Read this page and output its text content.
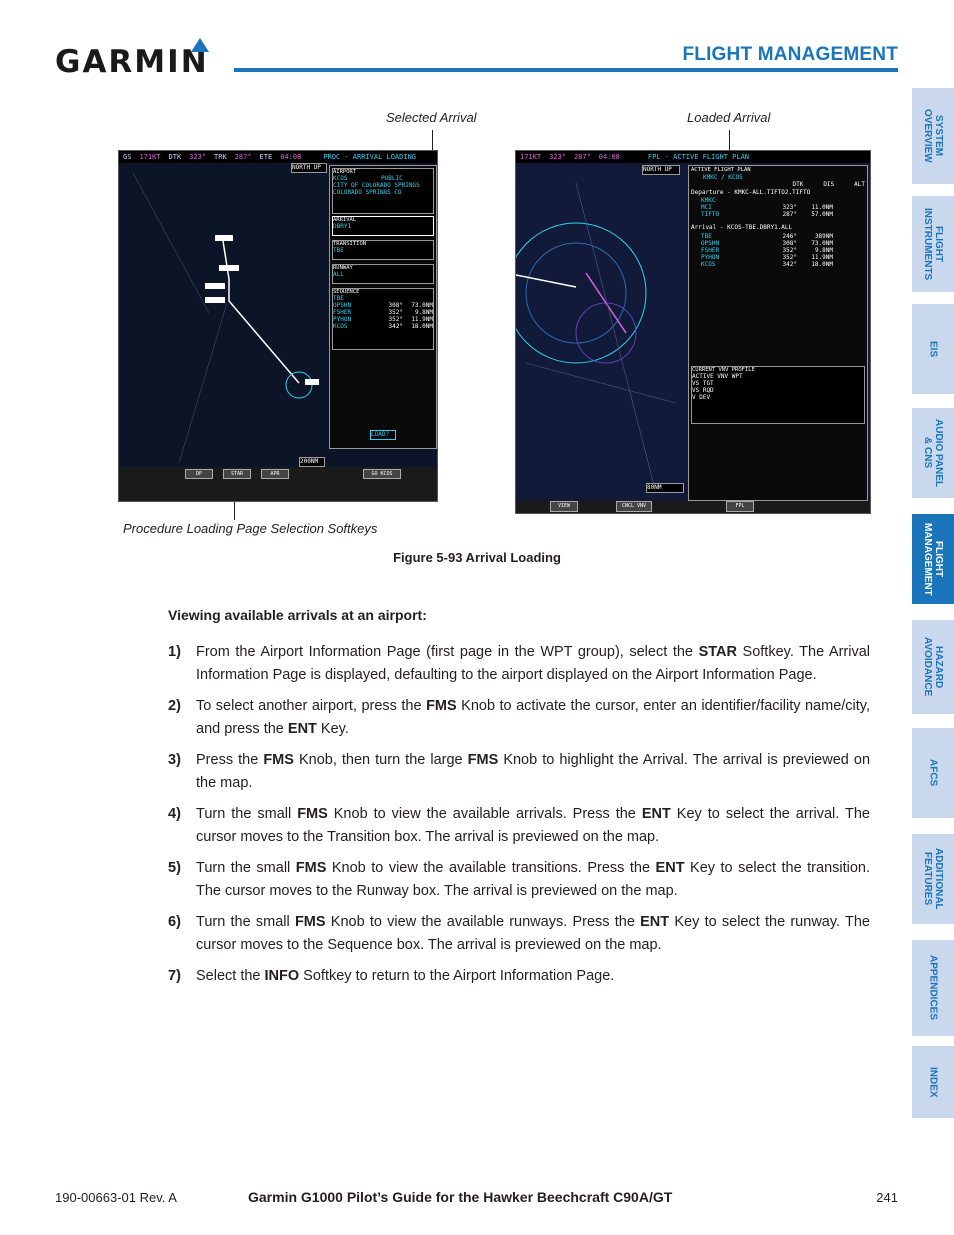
GARMIN	FLIGHT MANAGEMENT
SYSTEM
OVERVIEW
FLIGHT
INSTRUMENTS
EIS
AUDIO PANEL
& CNS
FLIGHT
MANAGEMENT
HAZARD
AVOIDANCE
AFCS
ADDITIONAL
FEATURES
APPENDICES
INDEX
Selected Arrival	Loaded Arrival
Procedure Loading Page Selection Softkeys
GS 171KT DTK 323° TRK 287° ETE 04:08	PROC - ARRIVAL LOADING
NORTH UP
AIRPORT
KCOS	PUBLIC
CITY OF COLORADO SPRINGS
COLORADO SPRINGS CO
ARRIVAL
DBRY1
TRANSITION
TBE
RUNWAY
ALL
SEQUENCE
TBE
OPSHN	308°	73.0NM
FSHER	352°	9.8NM
PYHON	352°	11.9NM
KCOS	342°	18.0NM
LOAD?
200NM
DP	STAR	APR	GO KCOS
171KT 323° 287° 04:08	FPL - ACTIVE FLIGHT PLAN
NORTH UP	ACTIVE FLIGHT PLAN
KMKC / KCOS
DTK	DIS	ALT
Departure - KMKC-ALL.TIFTO2.TIFTO
KMKC
MCI	323°	11.0NM
TIFTO	287°	57.0NM
Arrival - KCOS-TBE.DBRY1.ALL
TBE	246°	389NM
OPSHN	308°	73.0NM
FSHER	352°	9.8NM
PYHON	352°	11.9NM
KCOS	342°	18.0NM
CURRENT VNV PROFILE
ACTIVE VNV WPT
VS TGT
VS RQD
V DEV
80NM
VIEW	CNCL VNV	FPL
Figure 5-93 Arrival Loading
Viewing available arrivals at an airport:
1) From the Airport Information Page (first page in the WPT group), select the STAR Softkey. The Arrival Information Page is displayed, defaulting to the airport displayed on the Airport Information Page.
2) To select another airport, press the FMS Knob to activate the cursor, enter an identifier/facility name/city, and press the ENT Key.
3) Press the FMS Knob, then turn the large FMS Knob to highlight the Arrival. The arrival is previewed on the map.
4) Turn the small FMS Knob to view the available arrivals. Press the ENT Key to select the arrival. The cursor moves to the Transition box. The arrival is previewed on the map.
5) Turn the small FMS Knob to view the available transitions. Press the ENT Key to select the transition. The cursor moves to the Runway box. The arrival is previewed on the map.
6) Turn the small FMS Knob to view the available runways. Press the ENT Key to select the runway. The cursor moves to the Sequence box. The arrival is previewed on the map.
7) Select the INFO Softkey to return to the Airport Information Page.
190-00663-01 Rev. A	Garmin G1000 Pilot’s Guide for the Hawker Beechcraft C90A/GT	241
